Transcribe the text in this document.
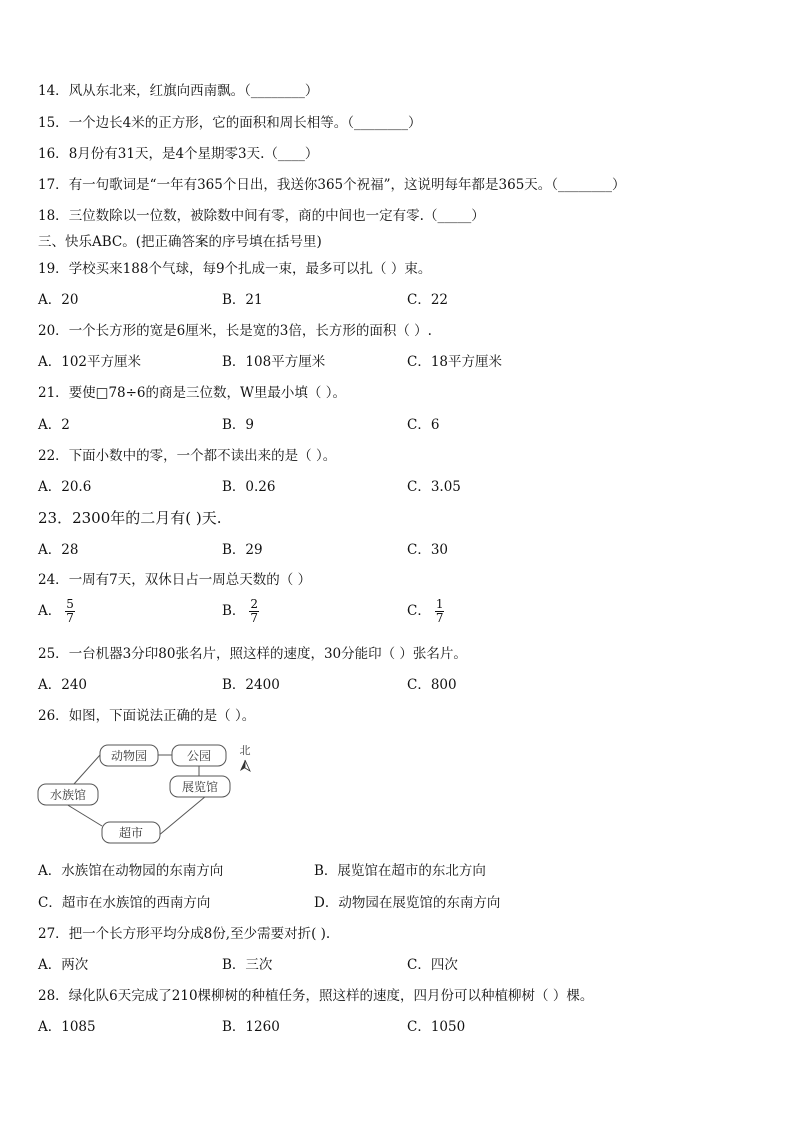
14．风从东北来，红旗向西南飘。（________）
15．一个边长4米的正方形，它的面积和周长相等。（________）
16．8月份有31天，是4个星期零3天.（____）
17．有一句歌词是“一年有365个日出，我送你365个祝福”，这说明每年都是365天。（________）
18．三位数除以一位数，被除数中间有零，商的中间也一定有零.（_____）
三、快乐ABC。(把正确答案的序号填在括号里)
19．学校买来188个气球，每9个扎成一束，最多可以扎（ ）束。
A．20	B．21	C．22
20．一个长方形的宽是6厘米，长是宽的3倍，长方形的面积（ ）.
A．102平方厘米	B．108平方厘米	C．18平方厘米
21．要使□78÷6的商是三位数，W里最小填（ ）。
A．2	B．9	C．6
22．下面小数中的零，一个都不读出来的是（ ）。
A．20.6	B．0.26	C．3.05
23．2300年的二月有( )天.
A．28	B．29	C．30
24．一周有7天，双休日占一周总天数的（ ）
A． $\frac{5}{7}$	B． $\frac{2}{7}$	C． $\frac{1}{7}$
25．一台机器3分印80张名片，照这样的速度，30分能印（ ）张名片。
A．240	B．2400	C．800
26．如图，下面说法正确的是（ ）。
动物园	公园
展览馆
水族馆
超市
北
A．水族馆在动物园的东南方向	B．展览馆在超市的东北方向
C．超市在水族馆的西南方向	D．动物园在展览馆的东南方向
27．把一个长方形平均分成8份,至少需要对折( ).
A．两次	B．三次	C．四次
28．绿化队6天完成了210棵柳树的种植任务，照这样的速度，四月份可以种植柳树（ ）棵。
A．1085	B．1260	C．1050
